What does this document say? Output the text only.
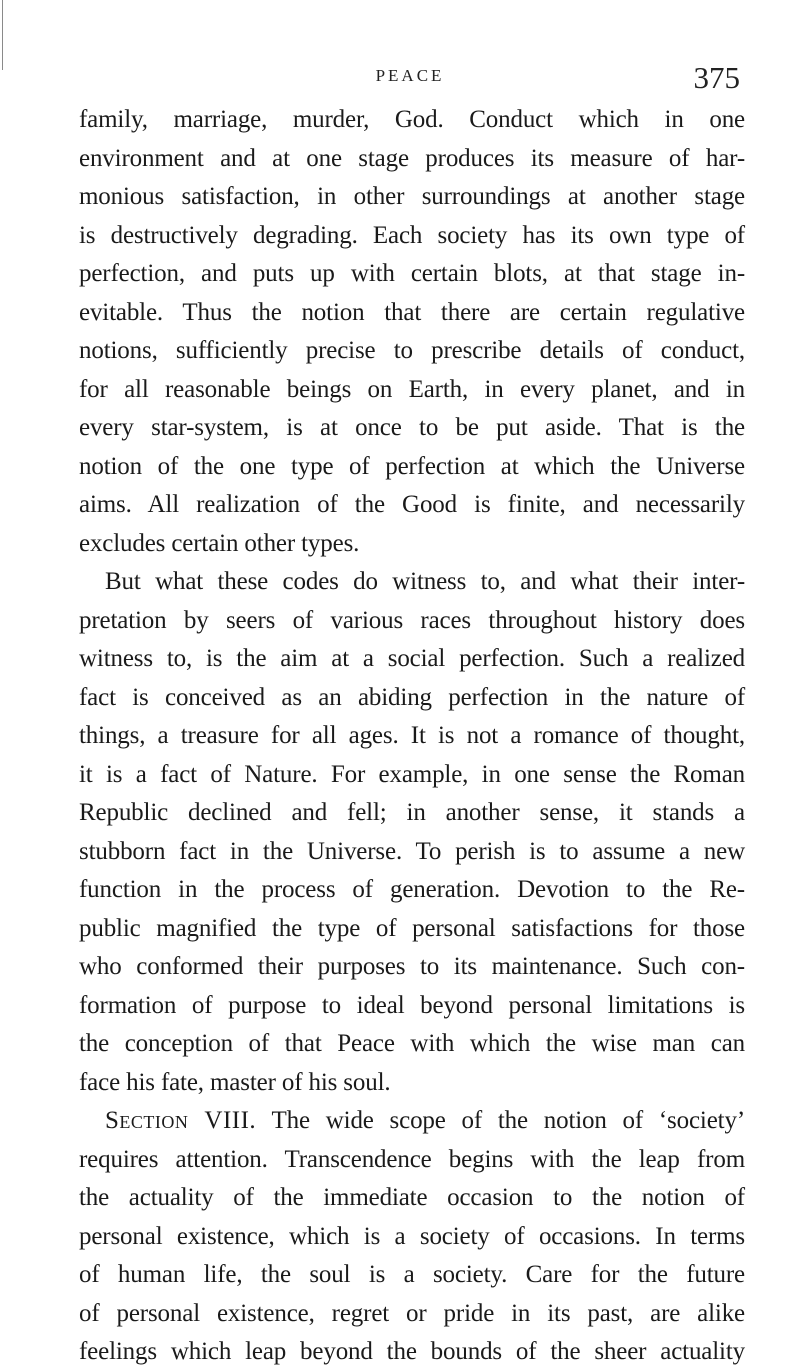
PEACE	375
family, marriage, murder, God. Conduct which in one
environment and at one stage produces its measure of har-
monious satisfaction, in other surroundings at another stage
is destructively degrading. Each society has its own type of
perfection, and puts up with certain blots, at that stage in-
evitable. Thus the notion that there are certain regulative
notions, sufficiently precise to prescribe details of conduct,
for all reasonable beings on Earth, in every planet, and in
every star-system, is at once to be put aside. That is the
notion of the one type of perfection at which the Universe
aims. All realization of the Good is finite, and necessarily
excludes certain other types.
But what these codes do witness to, and what their inter-
pretation by seers of various races throughout history does
witness to, is the aim at a social perfection. Such a realized
fact is conceived as an abiding perfection in the nature of
things, a treasure for all ages. It is not a romance of thought,
it is a fact of Nature. For example, in one sense the Roman
Republic declined and fell; in another sense, it stands a
stubborn fact in the Universe. To perish is to assume a new
function in the process of generation. Devotion to the Re-
public magnified the type of personal satisfactions for those
who conformed their purposes to its maintenance. Such con-
formation of purpose to ideal beyond personal limitations is
the conception of that Peace with which the wise man can
face his fate, master of his soul.
Section VIII. The wide scope of the notion of ‘society’
requires attention. Transcendence begins with the leap from
the actuality of the immediate occasion to the notion of
personal existence, which is a society of occasions. In terms
of human life, the soul is a society. Care for the future
of personal existence, regret or pride in its past, are alike
feelings which leap beyond the bounds of the sheer actuality
